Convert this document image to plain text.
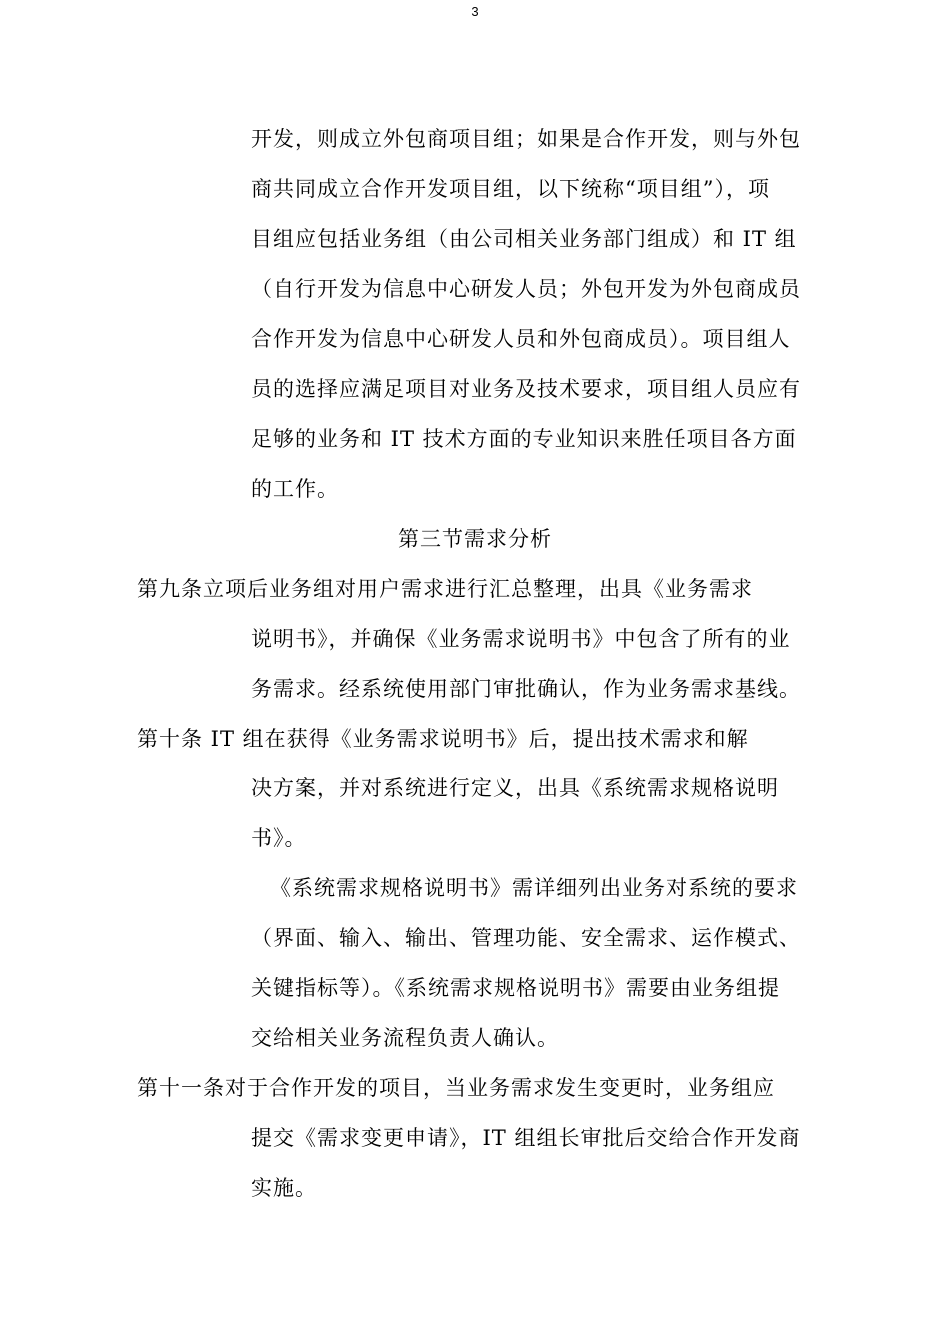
3
开发，则成立外包商项目组；如果是合作开发，则与外包
商共同成立合作开发项目组，以下统称“项目组”），项
目组应包括业务组（由公司相关业务部门组成）和 IT 组
（自行开发为信息中心研发人员；外包开发为外包商成员
合作开发为信息中心研发人员和外包商成员）。项目组人
员的选择应满足项目对业务及技术要求，项目组人员应有
足够的业务和 IT 技术方面的专业知识来胜任项目各方面
的工作。
第三节需求分析
第九条立项后业务组对用户需求进行汇总整理，出具《业务需求
说明书》，并确保《业务需求说明书》中包含了所有的业
务需求。经系统使用部门审批确认，作为业务需求基线。
第十条 IT 组在获得《业务需求说明书》后，提出技术需求和解
决方案，并对系统进行定义，出具《系统需求规格说明
书》。
《系统需求规格说明书》需详细列出业务对系统的要求
（界面、输入、输出、管理功能、安全需求、运作模式、
关键指标等）。《系统需求规格说明书》需要由业务组提
交给相关业务流程负责人确认。
第十一条对于合作开发的项目，当业务需求发生变更时，业务组应
提交《需求变更申请》，IT 组组长审批后交给合作开发商
实施。
